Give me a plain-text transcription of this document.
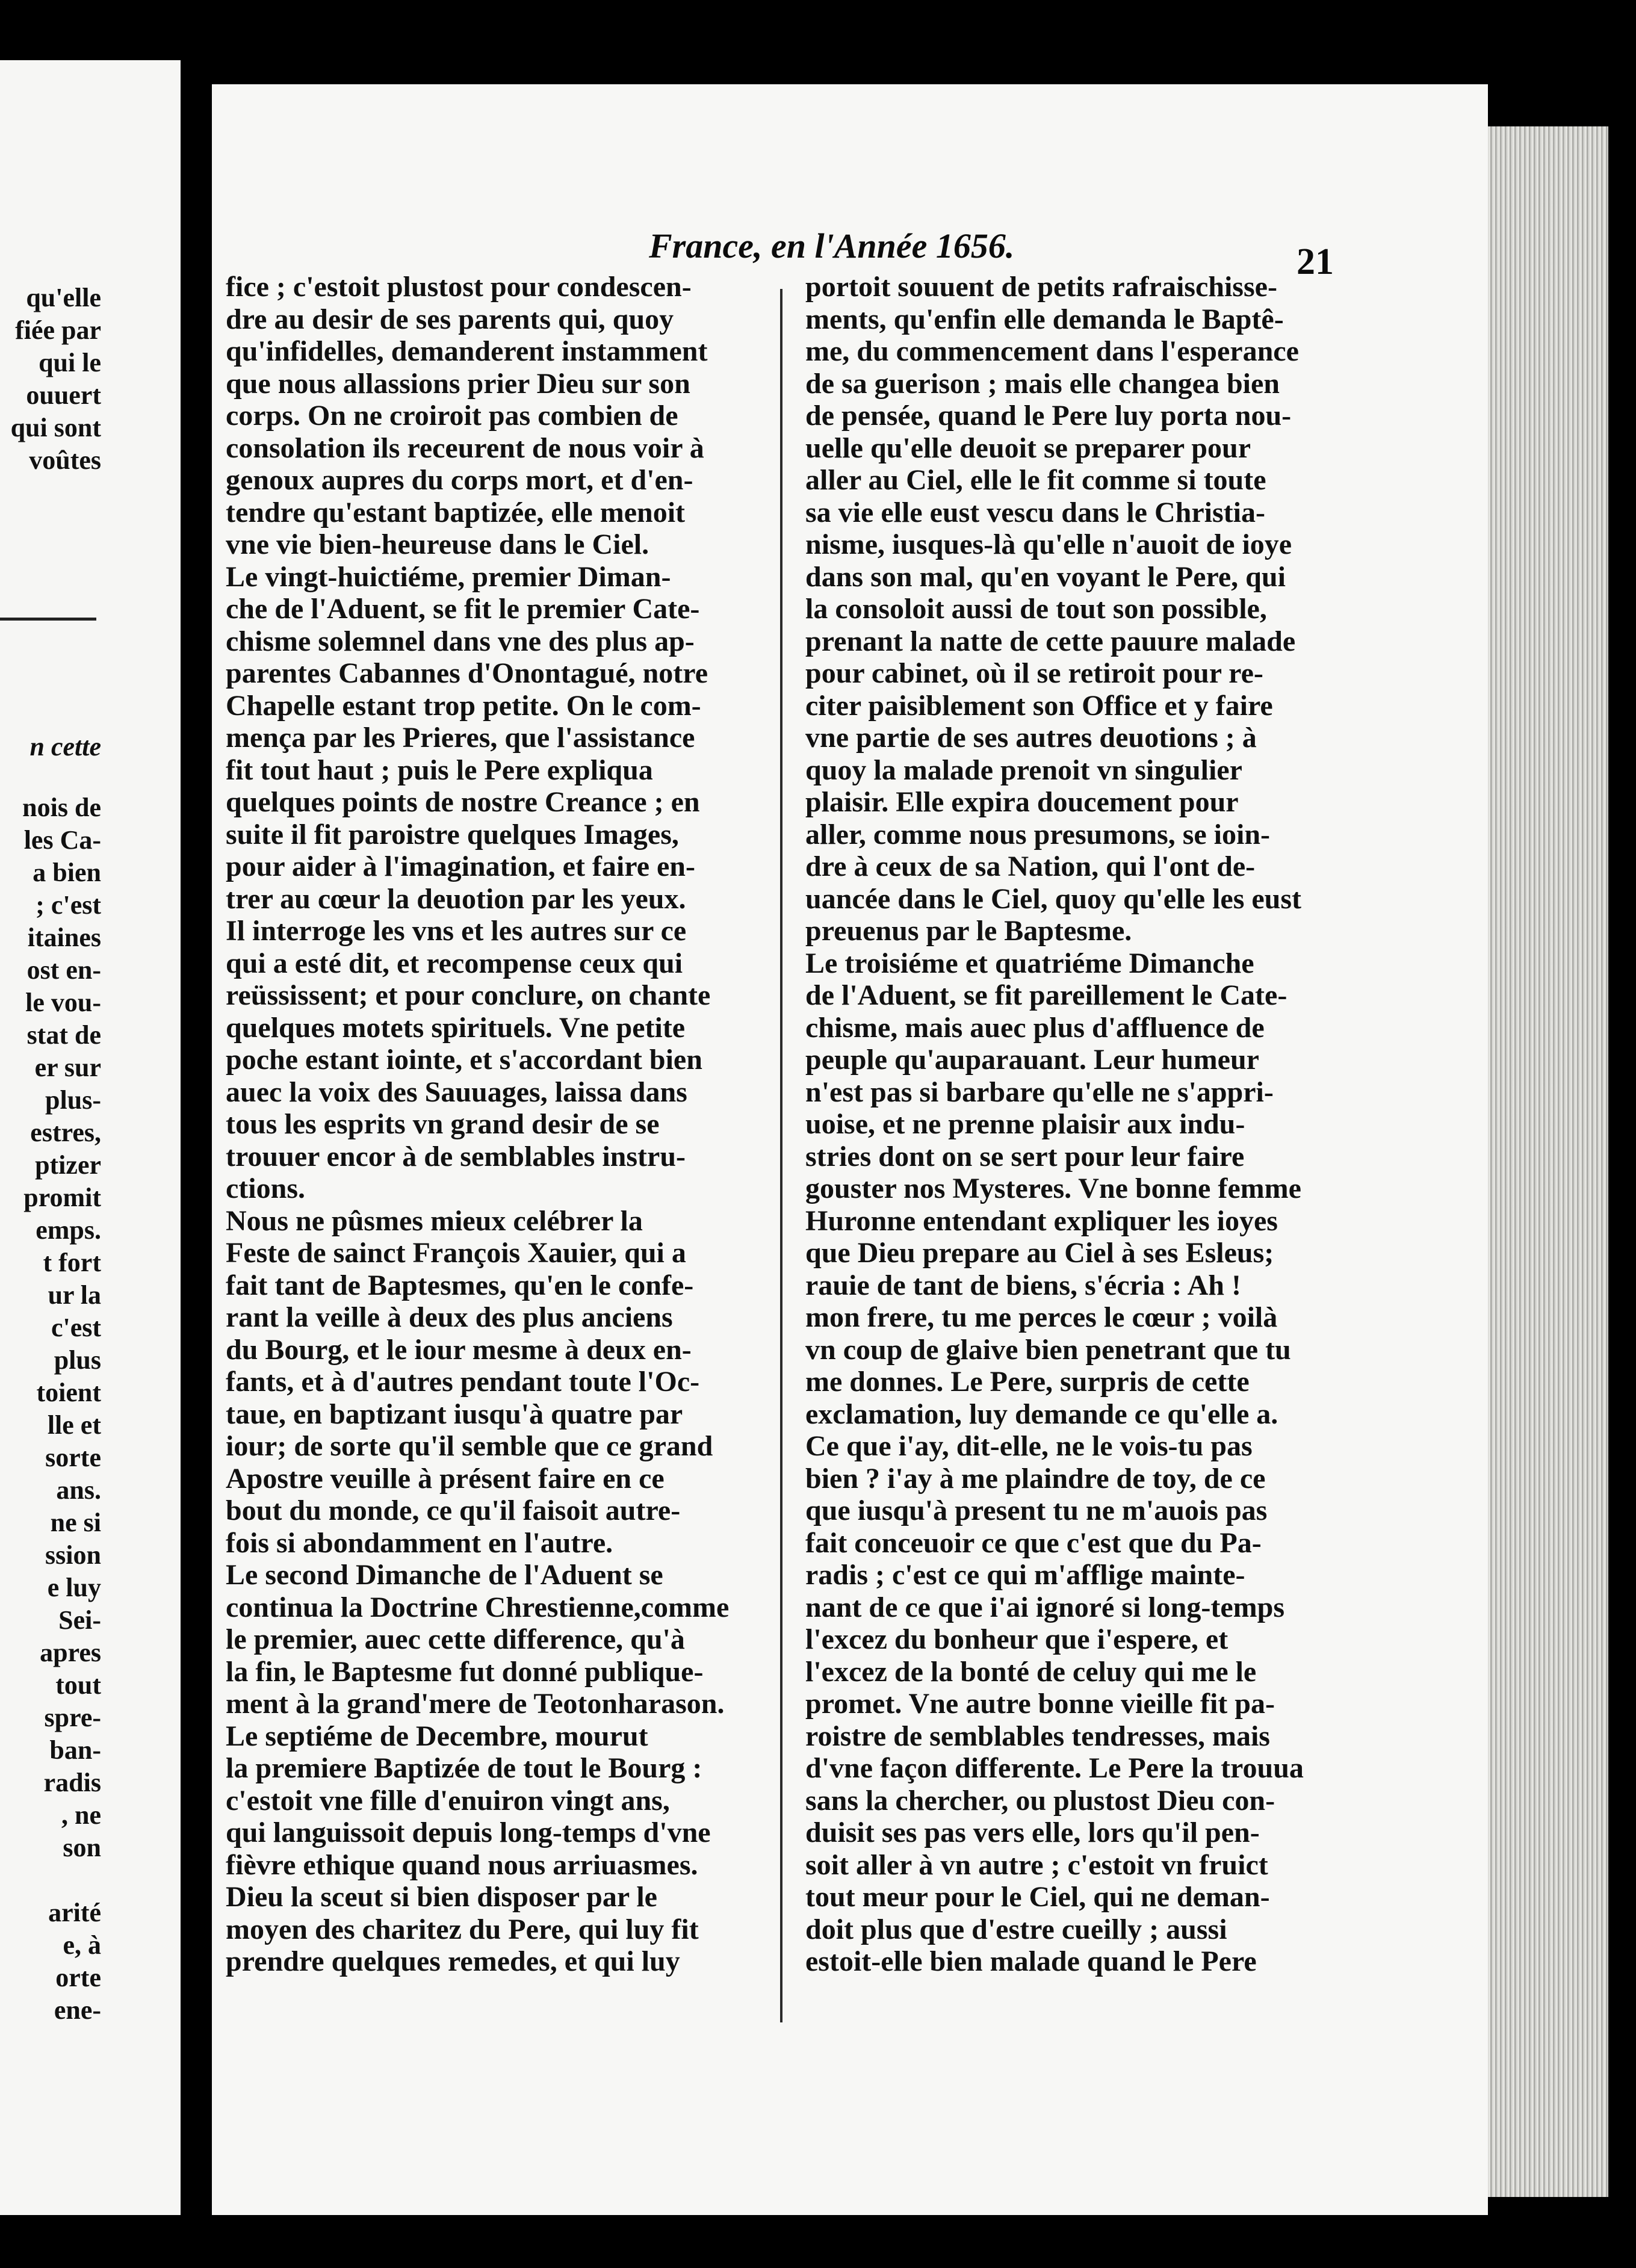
qu'elle
fiée par
qui le
ouuert
qui sont
voûtes
n cette
nois de
les Ca-
a bien
; c'est
itaines
ost en-
le vou-
stat de
er sur
plus-
estres,
ptizer
promit
emps.
t fort
ur la
c'est
plus
toient
lle et
sorte
ans.
ne si
ssion
e luy
Sei-
apres
tout
spre-
ban-
radis
, ne
son

arité
e, à
orte
ene-
France, en l'Année 1656.	21

fice ; c'estoit plustost pour condescen-
dre au desir de ses parents qui, quoy
qu'infidelles, demanderent instamment
que nous allassions prier Dieu sur son
corps. On ne croiroit pas combien de
consolation ils receurent de nous voir à
genoux aupres du corps mort, et d'en-
tendre qu'estant baptizée, elle menoit
vne vie bien-heureuse dans le Ciel.

Le vingt-huictiéme, premier Diman-
che de l'Aduent, se fit le premier Cate-
chisme solemnel dans vne des plus ap-
parentes Cabannes d'Onontagué, notre
Chapelle estant trop petite. On le com-
mença par les Prieres, que l'assistance
fit tout haut ; puis le Pere expliqua
quelques points de nostre Creance ; en
suite il fit paroistre quelques Images,
pour aider à l'imagination, et faire en-
trer au cœur la deuotion par les yeux.
Il interroge les vns et les autres sur ce
qui a esté dit, et recompense ceux qui
reüssissent; et pour conclure, on chante
quelques motets spirituels. Vne petite
poche estant iointe, et s'accordant bien
auec la voix des Sauuages, laissa dans
tous les esprits vn grand desir de se
trouuer encor à de semblables instru-
ctions.

Nous ne pûsmes mieux celébrer la
Feste de sainct François Xauier, qui a
fait tant de Baptesmes, qu'en le confe-
rant la veille à deux des plus anciens
du Bourg, et le iour mesme à deux en-
fants, et à d'autres pendant toute l'Oc-
taue, en baptizant iusqu'à quatre par
iour; de sorte qu'il semble que ce grand
Apostre veuille à présent faire en ce
bout du monde, ce qu'il faisoit autre-
fois si abondamment en l'autre.

Le second Dimanche de l'Aduent se
continua la Doctrine Chrestienne,comme
le premier, auec cette difference, qu'à
la fin, le Baptesme fut donné publique-
ment à la grand'mere de Teotonharason.

Le septiéme de Decembre, mourut
la premiere Baptizée de tout le Bourg :
c'estoit vne fille d'enuiron vingt ans,
qui languissoit depuis long-temps d'vne
fièvre ethique quand nous arriuasmes.
Dieu la sceut si bien disposer par le
moyen des charitez du Pere, qui luy fit
prendre quelques remedes, et qui luy

portoit souuent de petits rafraischisse-
ments, qu'enfin elle demanda le Baptê-
me, du commencement dans l'esperance
de sa guerison ; mais elle changea bien
de pensée, quand le Pere luy porta nou-
uelle qu'elle deuoit se preparer pour
aller au Ciel, elle le fit comme si toute
sa vie elle eust vescu dans le Christia-
nisme, iusques-là qu'elle n'auoit de ioye
dans son mal, qu'en voyant le Pere, qui
la consoloit aussi de tout son possible,
prenant la natte de cette pauure malade
pour cabinet, où il se retiroit pour re-
citer paisiblement son Office et y faire
vne partie de ses autres deuotions ; à
quoy la malade prenoit vn singulier
plaisir. Elle expira doucement pour
aller, comme nous presumons, se ioin-
dre à ceux de sa Nation, qui l'ont de-
uancée dans le Ciel, quoy qu'elle les eust
preuenus par le Baptesme.

Le troisiéme et quatriéme Dimanche
de l'Aduent, se fit pareillement le Cate-
chisme, mais auec plus d'affluence de
peuple qu'auparauant. Leur humeur
n'est pas si barbare qu'elle ne s'appri-
uoise, et ne prenne plaisir aux indu-
stries dont on se sert pour leur faire
gouster nos Mysteres. Vne bonne femme
Huronne entendant expliquer les ioyes
que Dieu prepare au Ciel à ses Esleus;
rauie de tant de biens, s'écria : Ah !
mon frere, tu me perces le cœur ; voilà
vn coup de glaive bien penetrant que tu
me donnes. Le Pere, surpris de cette
exclamation, luy demande ce qu'elle a.
Ce que i'ay, dit-elle, ne le vois-tu pas
bien ? i'ay à me plaindre de toy, de ce
que iusqu'à present tu ne m'auois pas
fait conceuoir ce que c'est que du Pa-
radis ; c'est ce qui m'afflige mainte-
nant de ce que i'ai ignoré si long-temps
l'excez du bonheur que i'espere, et
l'excez de la bonté de celuy qui me le
promet. Vne autre bonne vieille fit pa-
roistre de semblables tendresses, mais
d'vne façon differente. Le Pere la trouua
sans la chercher, ou plustost Dieu con-
duisit ses pas vers elle, lors qu'il pen-
soit aller à vn autre ; c'estoit vn fruict
tout meur pour le Ciel, qui ne deman-
doit plus que d'estre cueilly ; aussi
estoit-elle bien malade quand le Pere
